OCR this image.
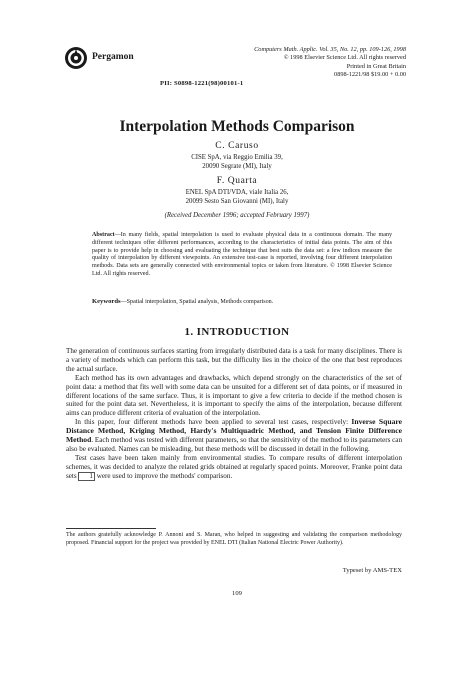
Pergamon
Computers Math. Applic. Vol. 35, No. 12, pp. 109-126, 1998
© 1998 Elsevier Science Ltd. All rights reserved
Printed in Great Britain
0898-1221/98 $19.00 + 0.00
PII: S0898-1221(98)00101-1
Interpolation Methods Comparison
C. Caruso
CISE SpA, via Reggio Emilia 39,
20090 Segrate (MI), Italy
F. Quarta
ENEL SpA DTI/VDA, viale Italia 26,
20099 Sesto San Giovanni (MI), Italy
(Received December 1996; accepted February 1997)
Abstract—In many fields, spatial interpolation is used to evaluate physical data in a continuous domain. The many different techniques offer different performances, according to the characteristics of initial data points. The aim of this paper is to provide help in choosing and evaluating the technique that best suits the data set: a few indices measure the quality of interpolation by different viewpoints. An extensive test-case is reported, involving four different interpolation methods. Data sets are generally connected with environmental topics or taken from literature. © 1998 Elsevier Science Ltd. All rights reserved.
Keywords—Spatial interpolation, Spatial analysis, Methods comparison.
1. INTRODUCTION

The generation of continuous surfaces starting from irregularly distributed data is a task for many disciplines. There is a variety of methods which can perform this task, but the difficulty lies in the choice of the one that best reproduces the actual surface.

Each method has its own advantages and drawbacks, which depend strongly on the characteristics of the set of point data: a method that fits well with some data can be unsuited for a different set of data points, or if measured in different locations of the same surface. Thus, it is important to give a few criteria to decide if the method chosen is suited for the point data set. Nevertheless, it is important to specify the aims of the interpolation, because different aims can produce different criteria of evaluation of the interpolation.

In this paper, four different methods have been applied to several test cases, respectively: Inverse Square Distance Method, Kriging Method, Hardy's Multiquadric Method, and Tension Finite Difference Method. Each method was tested with different parameters, so that the sensitivity of the method to its parameters can also be evaluated. Names can be misleading, but these methods will be discussed in detail in the following.

Test cases have been taken mainly from environmental studies. To compare results of different interpolation schemes, it was decided to analyze the related grids obtained at regularly spaced points. Moreover, Franke point data sets 1 were used to improve the methods' comparison.

The authors gratefully acknowledge P. Annoni and S. Maran, who helped in suggesting and validating the comparison methodology proposed. Financial support for the project was provided by ENEL DTI (Italian National Electric Power Authority).
Typeset by AMS-TEX
109
